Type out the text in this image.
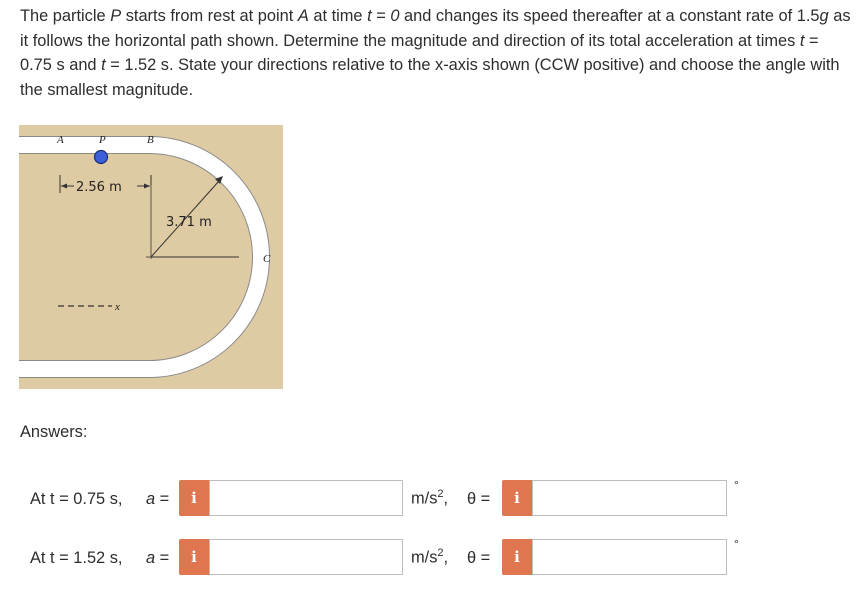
The particle P starts from rest at point A at time t = 0 and changes its speed thereafter at a constant rate of 1.5g as it follows the horizontal path shown. Determine the magnitude and direction of its total acceleration at times t = 0.75 s and t = 1.52 s. State your directions relative to the x-axis shown (CCW positive) and choose the angle with the smallest magnitude.

A	P	B
C
2.56 m
3.71 m
x
Answers:
At t = 0.75 s, a =	i	$m/s^2$, θ =	i
°
At t = 1.52 s, a =	i	$m/s^2$, θ =	i
°
